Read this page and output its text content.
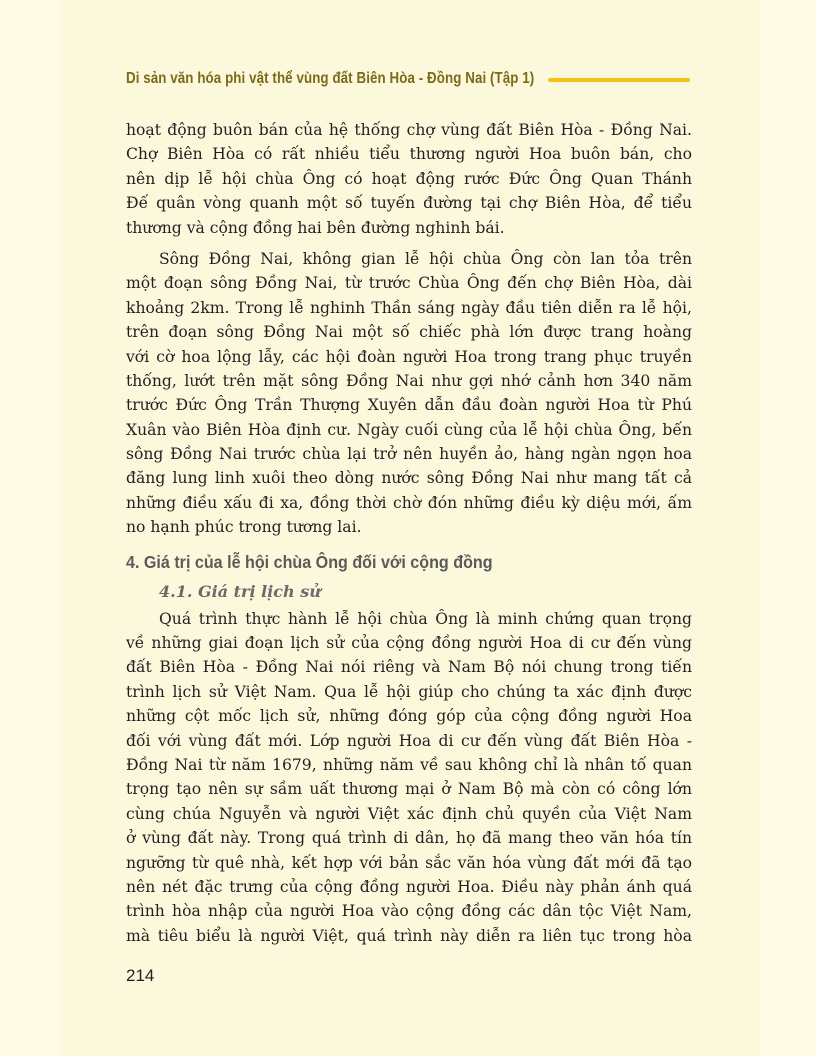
Di sản văn hóa phi vật thể vùng đất Biên Hòa - Đồng Nai (Tập 1)
hoạt động buôn bán của hệ thống chợ vùng đất Biên Hòa - Đồng Nai.
Chợ Biên Hòa có rất nhiều tiểu thương người Hoa buôn bán, cho
nên dịp lễ hội chùa Ông có hoạt động rước Đức Ông Quan Thánh
Đế quân vòng quanh một số tuyến đường tại chợ Biên Hòa, để tiểu
thương và cộng đồng hai bên đường nghinh bái.
Sông Đồng Nai, không gian lễ hội chùa Ông còn lan tỏa trên
một đoạn sông Đồng Nai, từ trước Chùa Ông đến chợ Biên Hòa, dài
khoảng 2km. Trong lễ nghinh Thần sáng ngày đầu tiên diễn ra lễ hội,
trên đoạn sông Đồng Nai một số chiếc phà lớn được trang hoàng
với cờ hoa lộng lẫy, các hội đoàn người Hoa trong trang phục truyền
thống, lướt trên mặt sông Đồng Nai như gợi nhớ cảnh hơn 340 năm
trước Đức Ông Trần Thượng Xuyên dẫn đầu đoàn người Hoa từ Phú
Xuân vào Biên Hòa định cư. Ngày cuối cùng của lễ hội chùa Ông, bến
sông Đồng Nai trước chùa lại trở nên huyền ảo, hàng ngàn ngọn hoa
đăng lung linh xuôi theo dòng nước sông Đồng Nai như mang tất cả
những điều xấu đi xa, đồng thời chờ đón những điều kỳ diệu mới, ấm
no hạnh phúc trong tương lai.
4. Giá trị của lễ hội chùa Ông đối với cộng đồng
4.1. Giá trị lịch sử
Quá trình thực hành lễ hội chùa Ông là minh chứng quan trọng
về những giai đoạn lịch sử của cộng đồng người Hoa di cư đến vùng
đất Biên Hòa - Đồng Nai nói riêng và Nam Bộ nói chung trong tiến
trình lịch sử Việt Nam. Qua lễ hội giúp cho chúng ta xác định được
những cột mốc lịch sử, những đóng góp của cộng đồng người Hoa
đối với vùng đất mới. Lớp người Hoa di cư đến vùng đất Biên Hòa -
Đồng Nai từ năm 1679, những năm về sau không chỉ là nhân tố quan
trọng tạo nên sự sầm uất thương mại ở Nam Bộ mà còn có công lớn
cùng chúa Nguyễn và người Việt xác định chủ quyền của Việt Nam
ở vùng đất này. Trong quá trình di dân, họ đã mang theo văn hóa tín
ngưỡng từ quê nhà, kết hợp với bản sắc văn hóa vùng đất mới đã tạo
nên nét đặc trưng của cộng đồng người Hoa. Điều này phản ánh quá
trình hòa nhập của người Hoa vào cộng đồng các dân tộc Việt Nam,
mà tiêu biểu là người Việt, quá trình này diễn ra liên tục trong hòa
214
